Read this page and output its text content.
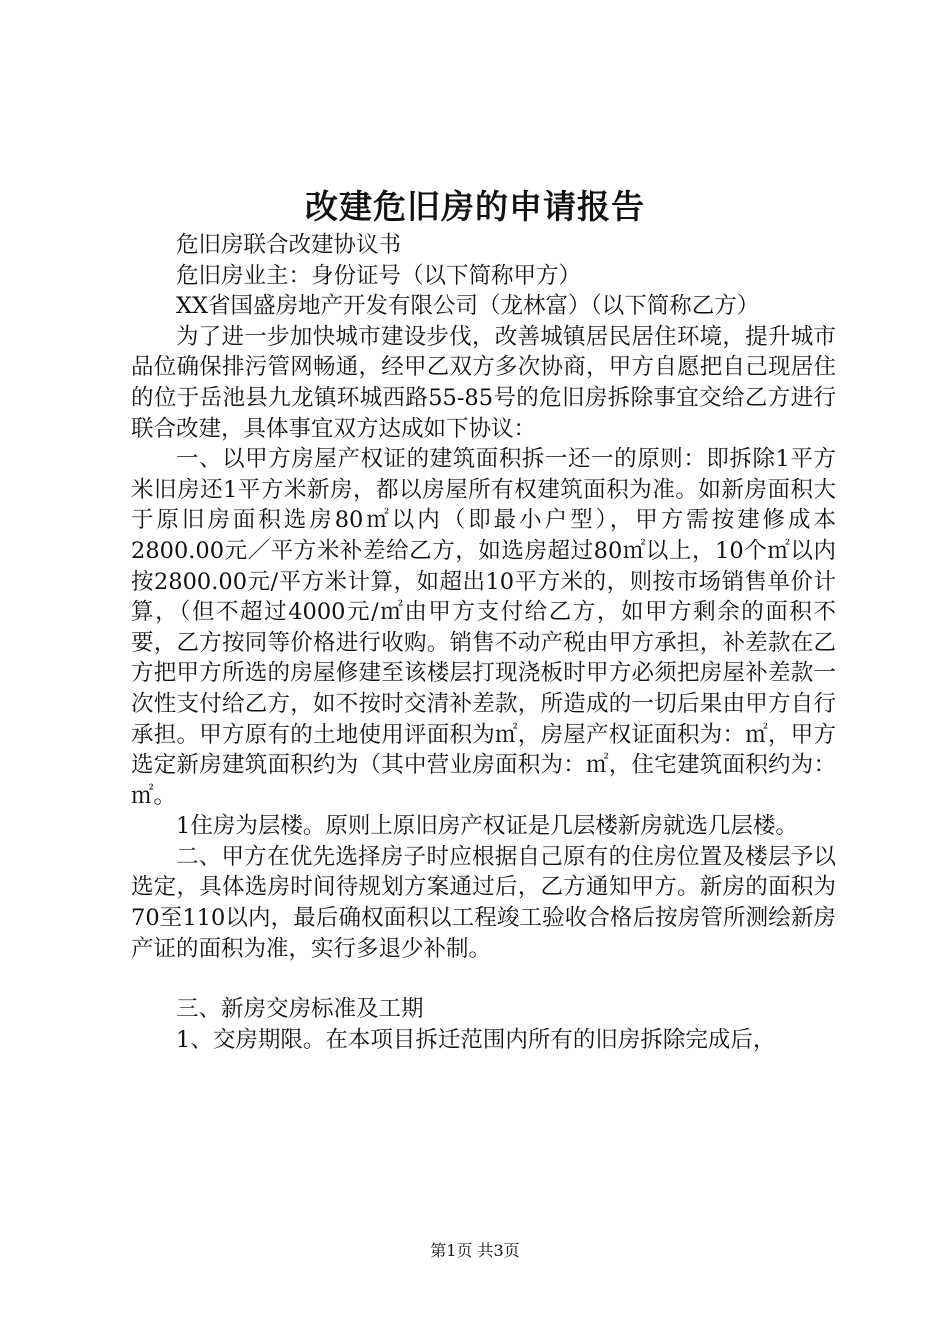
改建危旧房的申请报告

危旧房联合改建协议书

危旧房业主：身份证号（以下简称甲方）

XX省国盛房地产开发有限公司（龙林富）（以下简称乙方）

为了进一步加快城市建设步伐，改善城镇居民居住环境，提升城市品位确保排污管网畅通，经甲乙双方多次协商，甲方自愿把自己现居住的位于岳池县九龙镇环城西路55-85号的危旧房拆除事宜交给乙方进行联合改建，具体事宜双方达成如下协议：

一、以甲方房屋产权证的建筑面积拆一还一的原则：即拆除1平方米旧房还1平方米新房，都以房屋所有权建筑面积为准。如新房面积大于原旧房面积选房80㎡以内（即最小户型），甲方需按建修成本2800.00元／平方米补差给乙方，如选房超过80㎡以上，10个㎡以内按2800.00元/平方米计算，如超出10平方米的，则按市场销售单价计算，（但不超过4000元/㎡由甲方支付给乙方，如甲方剩余的面积不要，乙方按同等价格进行收购。销售不动产税由甲方承担，补差款在乙方把甲方所选的房屋修建至该楼层打现浇板时甲方必须把房屋补差款一次性支付给乙方，如不按时交清补差款，所造成的一切后果由甲方自行承担。甲方原有的土地使用评面积为㎡，房屋产权证面积为：㎡，甲方选定新房建筑面积约为（其中营业房面积为：㎡，住宅建筑面积约为：㎡。

1住房为层楼。原则上原旧房产权证是几层楼新房就选几层楼。

二、甲方在优先选择房子时应根据自己原有的住房位置及楼层予以选定，具体选房时间待规划方案通过后，乙方通知甲方。新房的面积为70至110以内，最后确权面积以工程竣工验收合格后按房管所测绘新房产证的面积为准，实行多退少补制。

三、新房交房标准及工期

1、交房期限。在本项目拆迁范围内所有的旧房拆除完成后，

第1页 共3页
